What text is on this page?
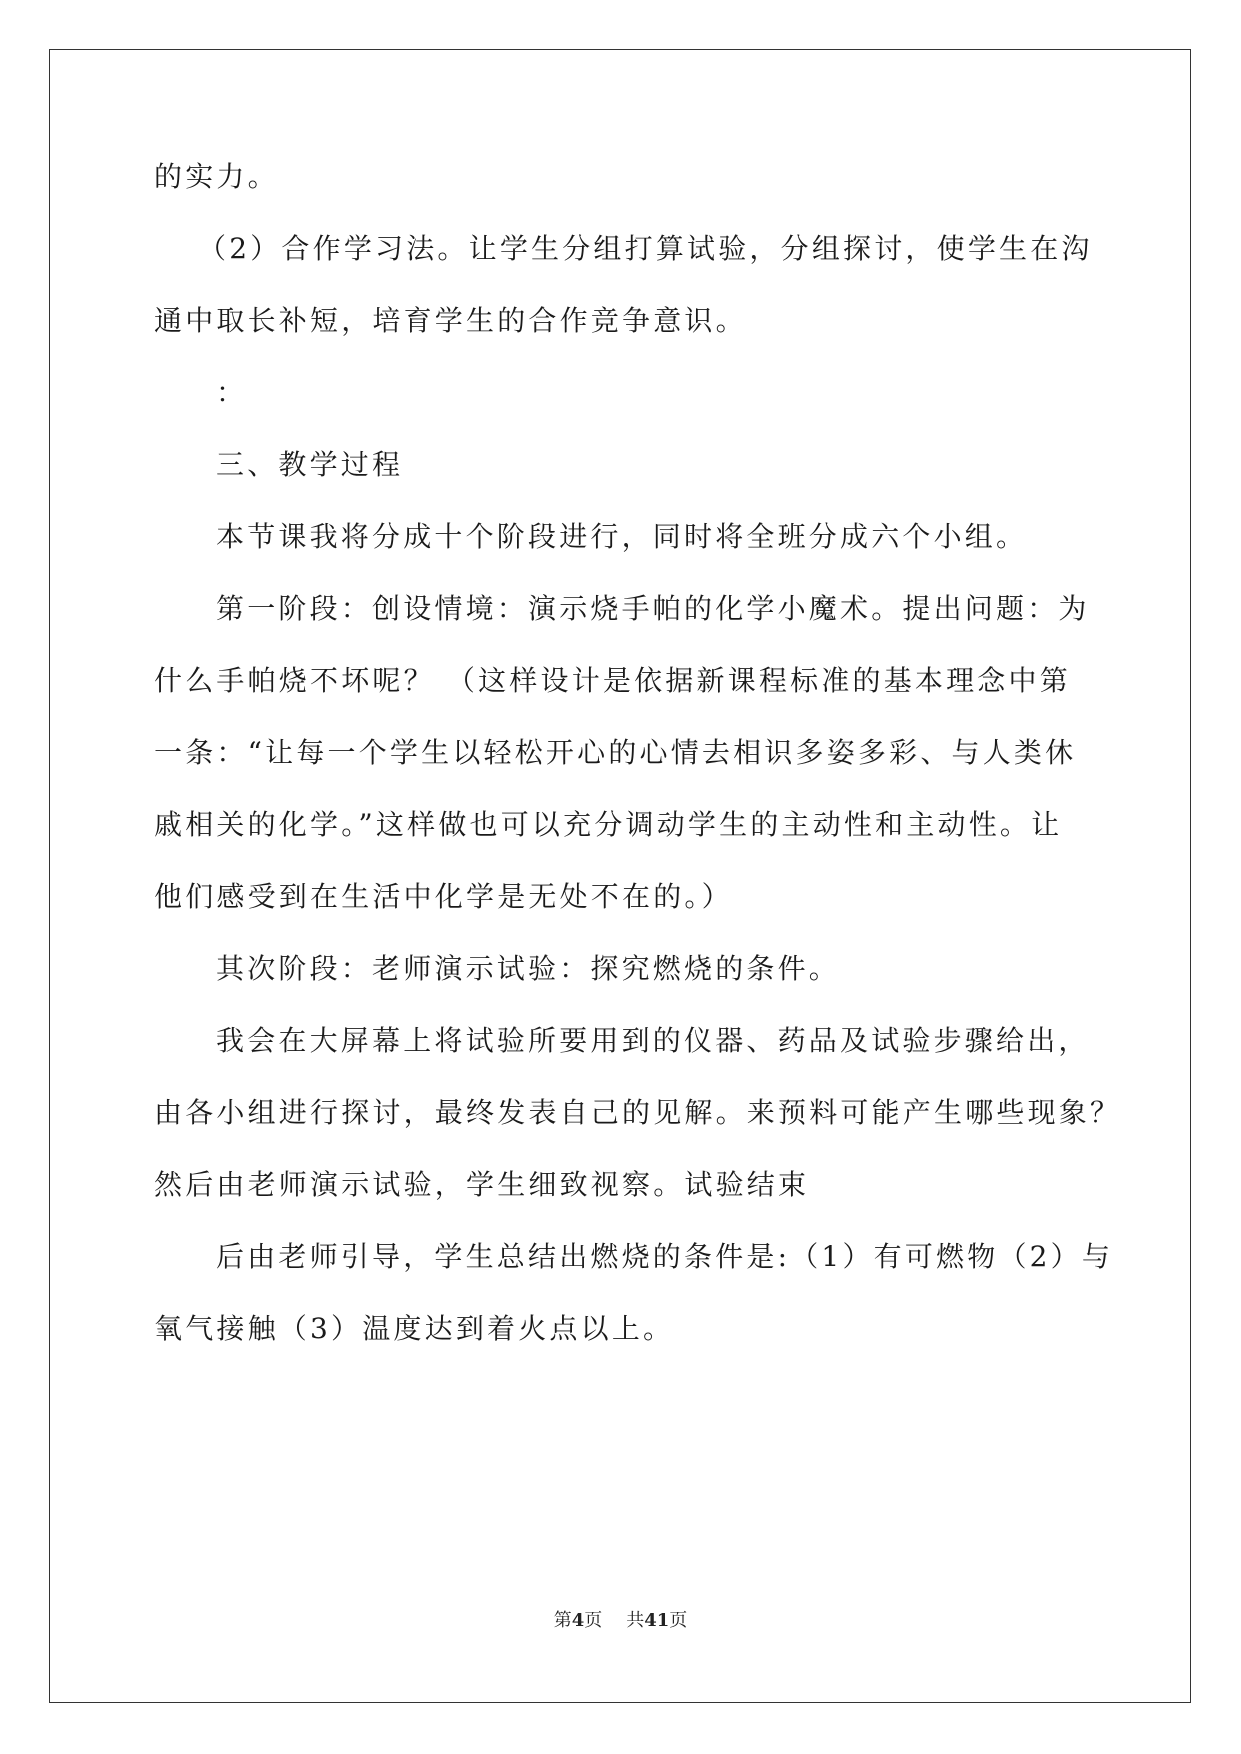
的实力。
（2）合作学习法。让学生分组打算试验，分组探讨，使学生在沟
通中取长补短，培育学生的合作竞争意识。
：
三、教学过程
本节课我将分成十个阶段进行，同时将全班分成六个小组。
第一阶段：创设情境：演示烧手帕的化学小魔术。提出问题：为
什么手帕烧不坏呢？ （这样设计是依据新课程标准的基本理念中第
一条：“让每一个学生以轻松开心的心情去相识多姿多彩、与人类休
戚相关的化学。”这样做也可以充分调动学生的主动性和主动性。让
他们感受到在生活中化学是无处不在的。）
其次阶段：老师演示试验：探究燃烧的条件。
我会在大屏幕上将试验所要用到的仪器、药品及试验步骤给出，
由各小组进行探讨，最终发表自己的见解。来预料可能产生哪些现象？
然后由老师演示试验，学生细致视察。试验结束
后由老师引导，学生总结出燃烧的条件是:（1）有可燃物（2）与
氧气接触（3）温度达到着火点以上。
第4页 共41页
